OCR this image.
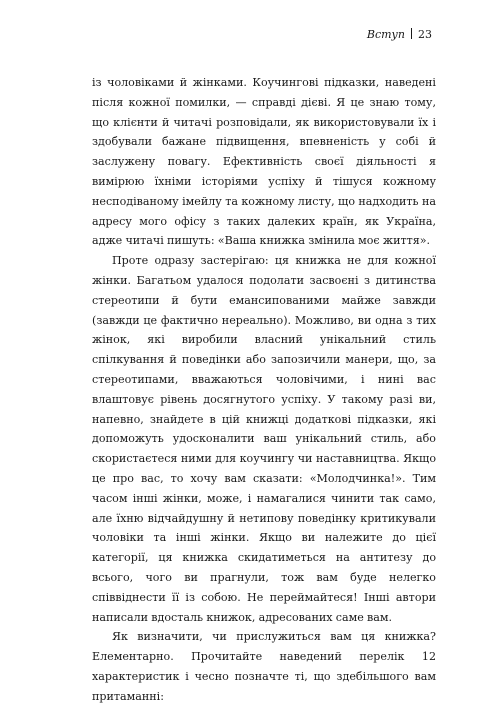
Вступ 23

із чоловіками й жінками. Коучингові підказки, наведені після кожної помилки, — справді дієві. Я це знаю тому, що клієнти й читачі розповідали, як використовували їх і здобували бажане підвищення, впевненість у собі й заслужену повагу. Ефективність своєї діяльності я вимірюю їхніми історіями успіху й тішуся кожному несподіваному імейлу та кожному листу, що надходить на адресу мого офісу з таких далеких країн, як Україна, адже читачі пишуть: «Ваша книжка змінила моє життя».

Проте одразу застерігаю: ця книжка не для кожної жінки. Багатьом удалося подолати засвоєні з дитинства стереотипи й бути емансипованими майже завжди (завжди це фактично нереально). Можливо, ви одна з тих жінок, які виробили власний унікальний стиль спілкування й поведінки або запозичили манери, що, за стереотипами, вважаються чоловічими, і нині вас влаштовує рівень досягнутого успіху. У такому разі ви, напевно, знайдете в цій книжці додаткові підказки, які допоможуть удосконалити ваш унікальний стиль, або скористаєтеся ними для коучингу чи наставництва. Якщо це про вас, то хочу вам сказати: «Молодчинка!». Тим часом інші жінки, може, і намагалися чинити так само, але їхню відчайдушну й нетипову поведінку критикували чоловіки та інші жінки. Якщо ви належите до цієї категорії, ця книжка скидатиметься на антитезу до всього, чого ви прагнули, тож вам буде нелегко співвіднести її із собою. Не переймайтеся! Інші автори написали вдосталь книжок, адресованих саме вам.

Як визначити, чи прислужиться вам ця книжка? Елементарно. Прочитайте наведений перелік 12 характеристик і чесно позначте ті, що здебільшого вам притаманні:
